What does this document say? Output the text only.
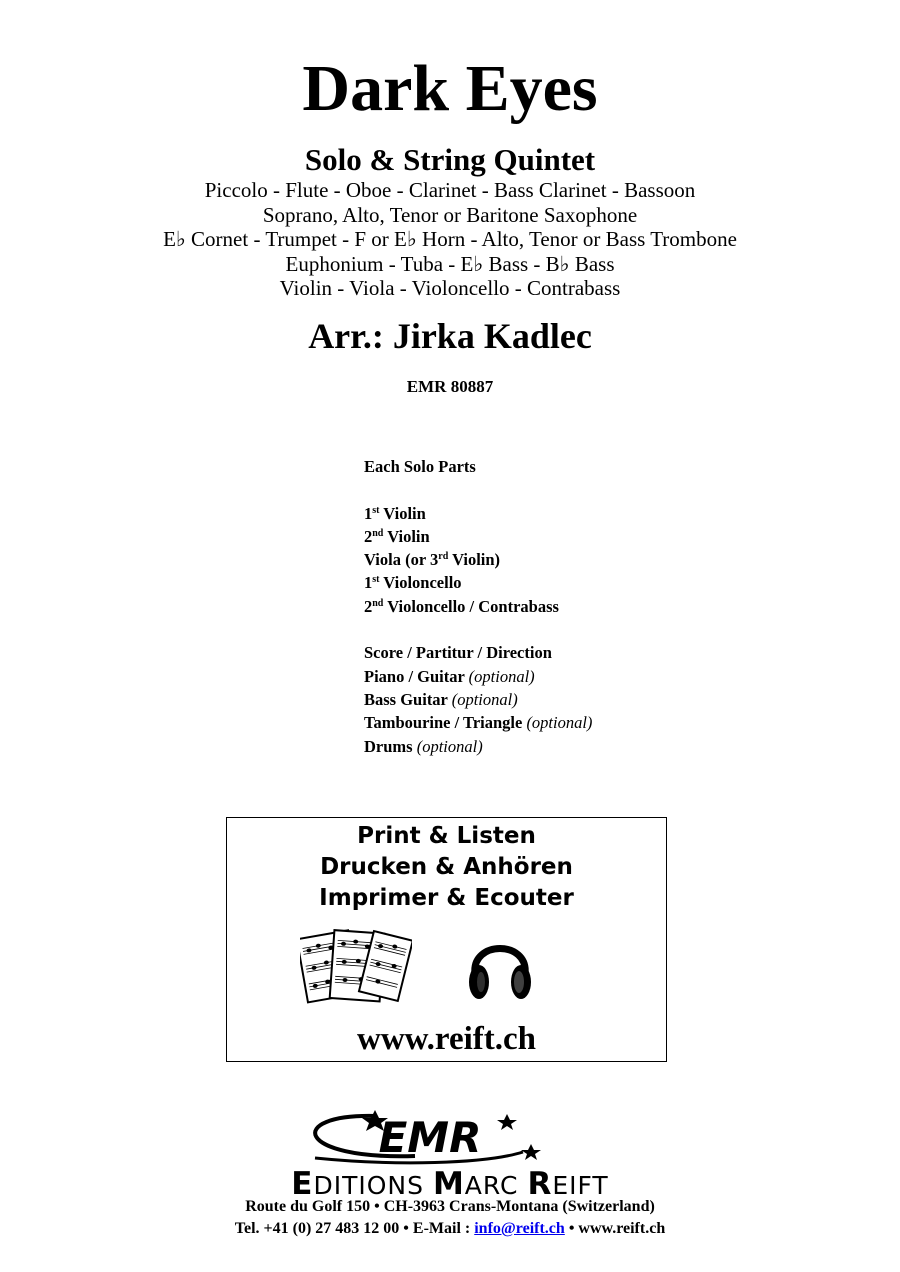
Dark Eyes
Solo & String Quintet
Piccolo - Flute - Oboe - Clarinet - Bass Clarinet - Bassoon
Soprano, Alto, Tenor or Baritone Saxophone
E♭ Cornet - Trumpet - F or E♭ Horn - Alto, Tenor or Bass Trombone
Euphonium - Tuba - E♭ Bass - B♭ Bass
Violin - Viola - Violoncello - Contrabass
Arr.: Jirka Kadlec
EMR 80887
Each Solo Parts
1st Violin
2nd Violin
Viola (or 3rd Violin)
1st Violoncello
2nd Violoncello / Contrabass
Score / Partitur / Direction
Piano / Guitar (optional)
Bass Guitar (optional)
Tambourine / Triangle (optional)
Drums (optional)
Print & Listen
Drucken & Anhören
Imprimer & Ecouter
www.reift.ch
EMR
EDITIONS MARC REIFT
Route du Golf 150 • CH-3963 Crans-Montana (Switzerland)
Tel. +41 (0) 27 483 12 00 • E-Mail : info@reift.ch • www.reift.ch
